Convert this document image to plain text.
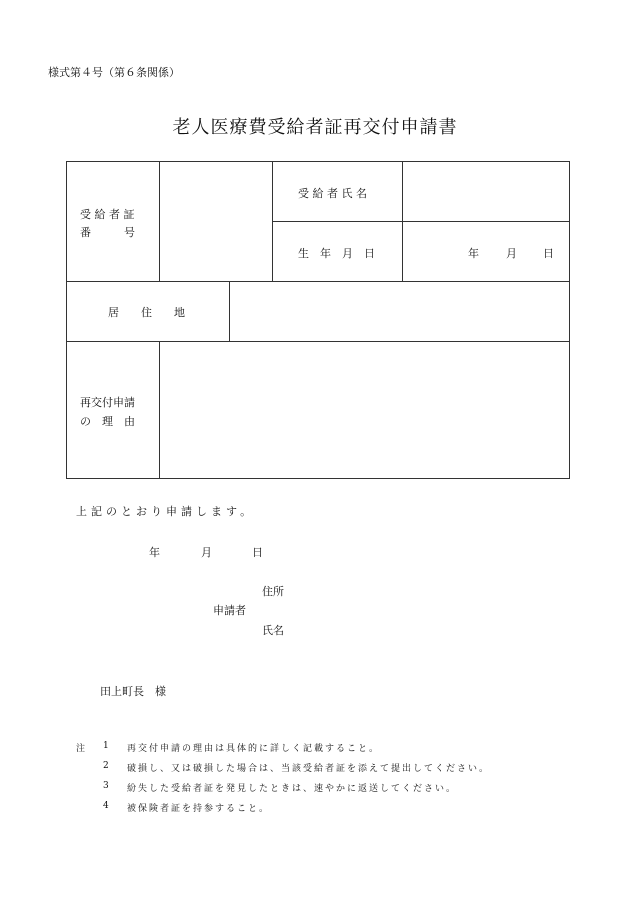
様式第４号（第６条関係）
老人医療費受給者証再交付申請書
受 給 者 証
番　　　号
受 給 者 氏 名
生　年　月　日	年 月 日
居　　住　　地
再交付申請
の　理　由
上記のとおり申請します。
年	月	日
住所
申請者
氏名
田上町長　様
注 1 再交付申請の理由は具体的に詳しく記載すること。
2 破損し、又は破損した場合は、当該受給者証を添えて提出してください。
3 紛失した受給者証を発見したときは、速やかに返送してください。
4 被保険者証を持参すること。
